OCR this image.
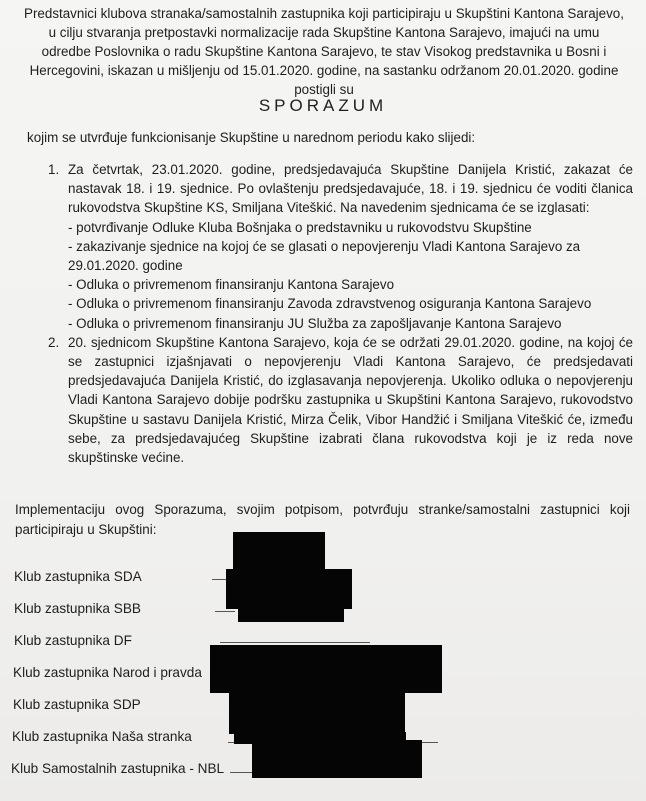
Predstavnici klubova stranaka/samostalnih zastupnika koji participiraju u Skupštini Kantona Sarajevo, u cilju stvaranja pretpostavki normalizacije rada Skupštine Kantona Sarajevo, imajući na umu odredbe Poslovnika o radu Skupštine Kantona Sarajevo, te stav Visokog predstavnika u Bosni i Hercegovini, iskazan u mišljenju od 15.01.2020. godine, na sastanku održanom 20.01.2020. godine postigli su
SPORAZUM
kojim se utvrđuje funkcionisanje Skupštine u narednom periodu kako slijedi:
1. Za četvrtak, 23.01.2020. godine, predsjedavajuća Skupštine Danijela Kristić, zakazat će nastavak 18. i 19. sjednice. Po ovlaštenju predsjedavajuće, 18. i 19. sjednicu će voditi članica rukovodstva Skupštine KS, Smiljana Viteškić. Na navedenim sjednicama će se izglasati:

- potvrđivanje Odluke Kluba Bošnjaka o predstavniku u rukovodstvu Skupštine

- zakazivanje sjednice na kojoj će se glasati o nepovjerenju Vladi Kantona Sarajevo za 29.01.2020. godine

- Odluka o privremenom finansiranju Kantona Sarajevo

- Odluka o privremenom finansiranju Zavoda zdravstvenog osiguranja Kantona Sarajevo

- Odluka o privremenom finansiranju JU Služba za zapošljavanje Kantona Sarajevo

2. 20. sjednicom Skupštine Kantona Sarajevo, koja će se održati 29.01.2020. godine, na kojoj će se zastupnici izjašnjavati o nepovjerenju Vladi Kantona Sarajevo, će predsjedavati predsjedavajuća Danijela Kristić, do izglasavanja nepovjerenja. Ukoliko odluka o nepovjerenju Vladi Kantona Sarajevo dobije podršku zastupnika u Skupštini Kantona Sarajevo, rukovodstvo Skupštine u sastavu Danijela Kristić, Mirza Čelik, Vibor Handžić i Smiljana Viteškić će, između sebe, za predsjedavajućeg Skupštine izabrati člana rukovodstva koji je iz reda nove skupštinske većine.

Implementaciju ovog Sporazuma, svojim potpisom, potvrđuju stranke/samostalni zastupnici koji participiraju u Skupštini:
Klub zastupnika SDA
Klub zastupnika SBB
Klub zastupnika DF
Klub zastupnika Narod i pravda
Klub zastupnika SDP
Klub zastupnika Naša stranka
Klub Samostalnih zastupnika - NBL
